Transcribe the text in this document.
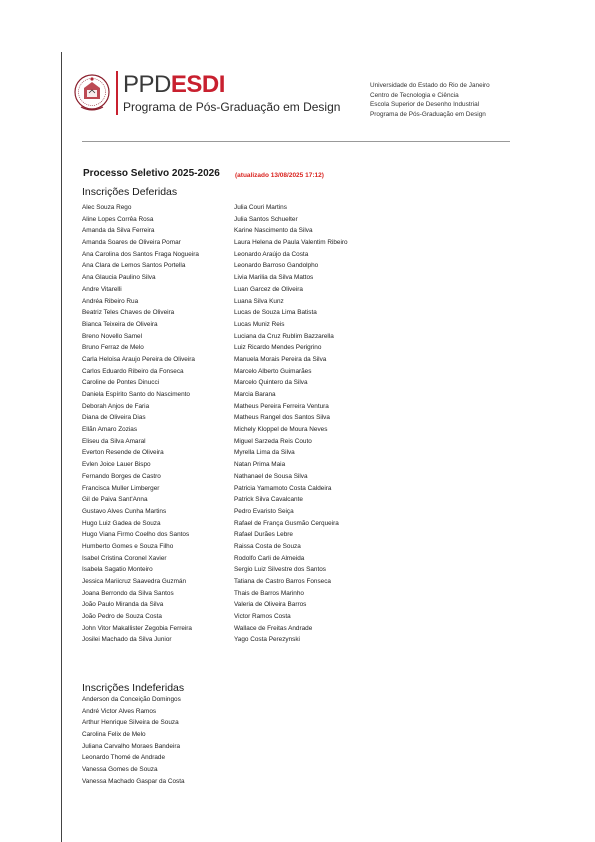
PPDESDI
Programa de Pós-Graduação em Design
Universidade do Estado do Rio de Janeiro
Centro de Tecnologia e Ciência
Escola Superior de Desenho Industrial
Programa de Pós-Graduação em Design
Processo Seletivo 2025-2026 (atualizado 13/08/2025 17:12)
Inscrições Deferidas
Alec Souza Rego
Aline Lopes Corrêa Rosa
Amanda da Silva Ferreira
Amanda Soares de Oliveira Pomar
Ana Carolina dos Santos Fraga Nogueira
Ana Clara de Lemos Santos Portella
Ana Glaucia Paulino Silva
Andre Vitarelli
Andréa Ribeiro Rua
Beatriz Teles Chaves de Oliveira
Bianca Teixeira de Oliveira
Breno Novello Samel
Bruno Ferraz de Melo
Carla Heloisa Araujo Pereira de Oliveira
Carlos Eduardo Ribeiro da Fonseca
Caroline de Pontes Dinucci
Daniela Espírito Santo do Nascimento
Deborah Anjos de Faria
Diana de Oliveira Dias
Ellãn Amaro Zozias
Eliseu da Silva Amaral
Everton Resende de Oliveira
Evlen Joice Lauer Bispo
Fernando Borges de Castro
Francisca Muller Limberger
Gil de Paiva Sant'Anna
Gustavo Alves Cunha Martins
Hugo Luiz Gadea de Souza
Hugo Viana Firmo Coelho dos Santos
Humberto Gomes e Souza Filho
Isabel Cristina Coronel Xavier
Isabela Sagatio Monteiro
Jessica Mariicruz Saavedra Guzmán
Joana Berrondo da Silva Santos
João Paulo Miranda da Silva
João Pedro de Souza Costa
John Vitor Makallister Zegobia Ferreira
Josilei Machado da Silva Junior
Julia Couri Martins
Julia Santos Schuelter
Karine Nascimento da Silva
Laura Helena de Paula Valentim Ribeiro
Leonardo Araújo da Costa
Leonardo Barroso Gandolpho
Livia Marilia da Silva Mattos
Luan Garcez de Oliveira
Luana Silva Kunz
Lucas de Souza Lima Batista
Lucas Muniz Reis
Luciana da Cruz Rublim Bazzarella
Luiz Ricardo Mendes Perigrino
Manuela Morais Pereira da Silva
Marcelo Alberto Guimarães
Marcelo Quintero da Silva
Marcia Barana
Matheus Pereira Ferreira Ventura
Matheus Rangel dos Santos Silva
Michely Kloppel de Moura Neves
Miguel Sarzeda Reis Couto
Myrella Lima da Silva
Natan Prima Maia
Nathanael de Sousa Silva
Patricia Yamamoto Costa Caldeira
Patrick Silva Cavalcante
Pedro Evaristo Seiça
Rafael de França Gusmão Cerqueira
Rafael Durães Lebre
Raissa Costa de Souza
Rodolfo Carli de Almeida
Sergio Luiz Silvestre dos Santos
Tatiana de Castro Barros Fonseca
Thais de Barros Marinho
Valeria de Oliveira Barros
Victor Ramos Costa
Wallace de Freitas Andrade
Yago Costa Perezynski
Inscrições Indeferidas
Anderson da Conceição Domingos
André Victor Alves Ramos
Arthur Henrique Silveira de Souza
Carolina Felix de Melo
Juliana Carvalho Moraes Bandeira
Leonardo Thomé de Andrade
Vanessa Gomes de Souza
Vanessa Machado Gaspar da Costa
